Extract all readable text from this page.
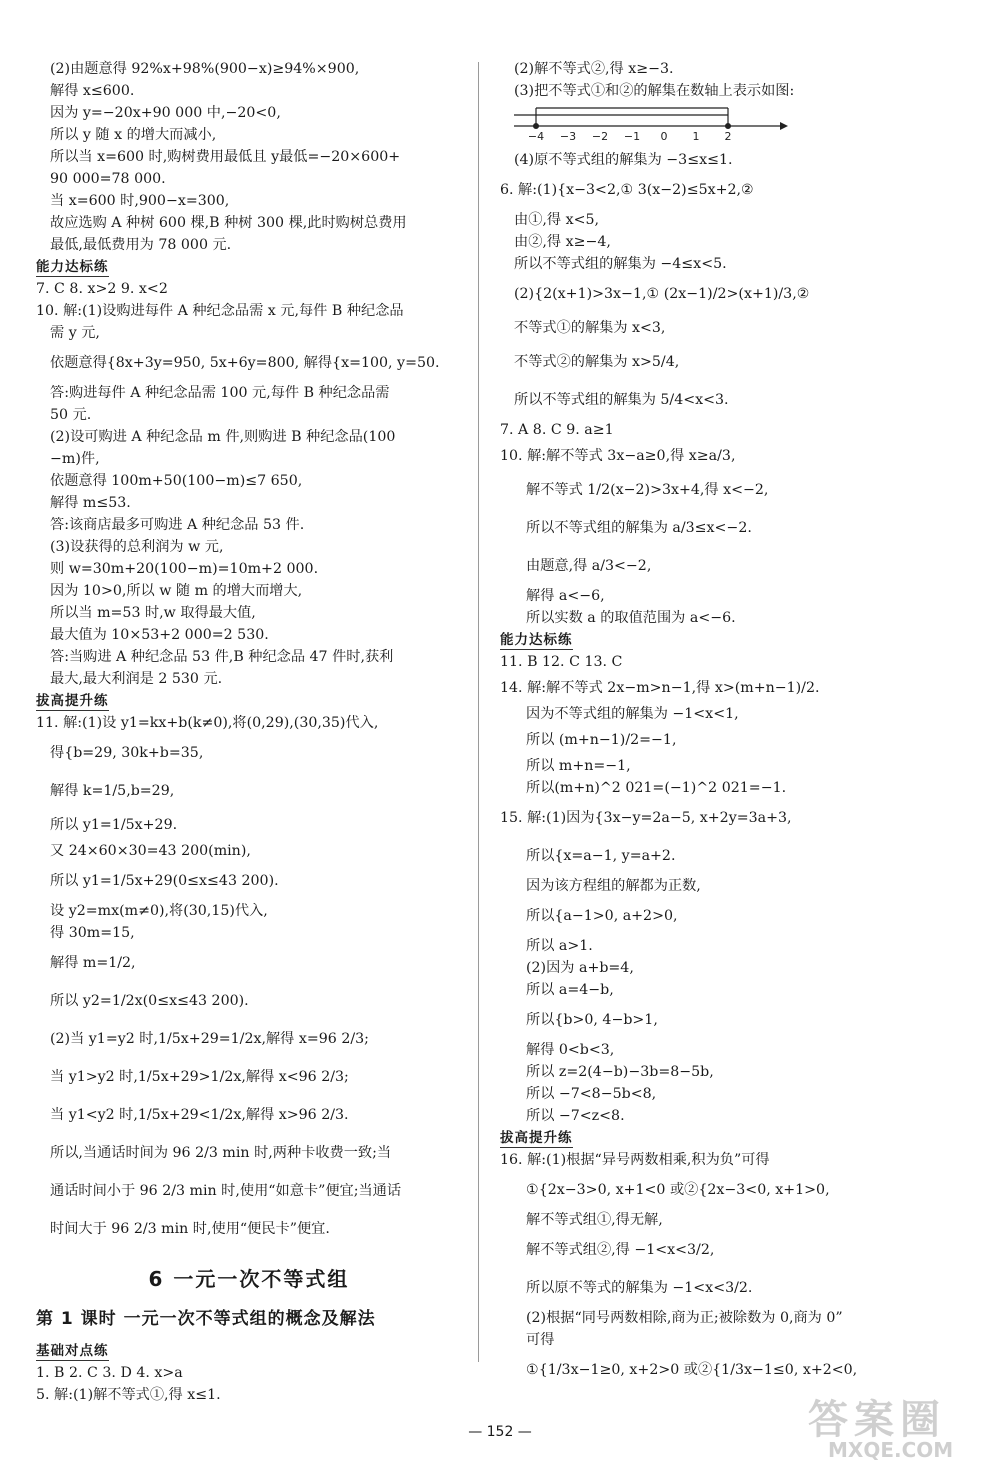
(2)由题意得 92%x+98%(900−x)≥94%×900,
解得 x≤600.
因为 y=−20x+90 000 中,−20<0,
所以 y 随 x 的增大而减小,
所以当 x=600 时,购树费用最低且 y最低=−20×600+
90 000=78 000.
当 x=600 时,900−x=300,
故应选购 A 种树 600 棵,B 种树 300 棵,此时购树总费用
最低,最低费用为 78 000 元.
能力达标练
7. C 8. x>2 9. x<2
10. 解:(1)设购进每件 A 种纪念品需 x 元,每件 B 种纪念品
需 y 元,
依题意得{8x+3y=950, 5x+6y=800, 解得{x=100, y=50.
答:购进每件 A 种纪念品需 100 元,每件 B 种纪念品需
50 元.
(2)设可购进 A 种纪念品 m 件,则购进 B 种纪念品(100
−m)件,
依题意得 100m+50(100−m)≤7 650,
解得 m≤53.
答:该商店最多可购进 A 种纪念品 53 件.
(3)设获得的总利润为 w 元,
则 w=30m+20(100−m)=10m+2 000.
因为 10>0,所以 w 随 m 的增大而增大,
所以当 m=53 时,w 取得最大值,
最大值为 10×53+2 000=2 530.
答:当购进 A 种纪念品 53 件,B 种纪念品 47 件时,获利
最大,最大利润是 2 530 元.
拔高提升练
11. 解:(1)设 y1=kx+b(k≠0),将(0,29),(30,35)代入,
得{b=29, 30k+b=35,
解得 k=1/5,b=29,
所以 y1=1/5x+29.
又 24×60×30=43 200(min),
所以 y1=1/5x+29(0≤x≤43 200).
设 y2=mx(m≠0),将(30,15)代入,
得 30m=15,
解得 m=1/2,
所以 y2=1/2x(0≤x≤43 200).
(2)当 y1=y2 时,1/5x+29=1/2x,解得 x=96 2/3;
当 y1>y2 时,1/5x+29>1/2x,解得 x<96 2/3;
当 y1<y2 时,1/5x+29<1/2x,解得 x>96 2/3.
所以,当通话时间为 96 2/3 min 时,两种卡收费一致;当
通话时间小于 96 2/3 min 时,使用“如意卡”便宜;当通话
时间大于 96 2/3 min 时,使用“便民卡”便宜.
6 一元一次不等式组
第 1 课时 一元一次不等式组的概念及解法
基础对点练
1. B 2. C 3. D 4. x>a
5. 解:(1)解不等式①,得 x≤1.
(2)解不等式②,得 x≥−3.
(3)把不等式①和②的解集在数轴上表示如图:
−4 −3 −2 −1 0 1 2
(4)原不等式组的解集为 −3≤x≤1.
6. 解:(1){x−3<2,① 3(x−2)≤5x+2,②
由①,得 x<5,
由②,得 x≥−4,
所以不等式组的解集为 −4≤x<5.
(2){2(x+1)>3x−1,① (2x−1)/2>(x+1)/3,②
不等式①的解集为 x<3,
不等式②的解集为 x>5/4,
所以不等式组的解集为 5/4<x<3.
7. A 8. C 9. a≥1
10. 解:解不等式 3x−a≥0,得 x≥a/3,
解不等式 1/2(x−2)>3x+4,得 x<−2,
所以不等式组的解集为 a/3≤x<−2.
由题意,得 a/3<−2,
解得 a<−6,
所以实数 a 的取值范围为 a<−6.
能力达标练
11. B 12. C 13. C
14. 解:解不等式 2x−m>n−1,得 x>(m+n−1)/2.
因为不等式组的解集为 −1<x<1,
所以 (m+n−1)/2=−1,
所以 m+n=−1,
所以(m+n)^2 021=(−1)^2 021=−1.
15. 解:(1)因为{3x−y=2a−5, x+2y=3a+3,
所以{x=a−1, y=a+2.
因为该方程组的解都为正数,
所以{a−1>0, a+2>0,
所以 a>1.
(2)因为 a+b=4,
所以 a=4−b,
所以{b>0, 4−b>1,
解得 0<b<3,
所以 z=2(4−b)−3b=8−5b,
所以 −7<8−5b<8,
所以 −7<z<8.
拔高提升练
16. 解:(1)根据“异号两数相乘,积为负”可得
①{2x−3>0, x+1<0 或②{2x−3<0, x+1>0,
解不等式组①,得无解,
解不等式组②,得 −1<x<3/2,
所以原不等式的解集为 −1<x<3/2.
(2)根据“同号两数相除,商为正;被除数为 0,商为 0”
可得
①{1/3x−1≥0, x+2>0 或②{1/3x−1≤0, x+2<0,
— 152 —	答案圈
MXQE.COM
